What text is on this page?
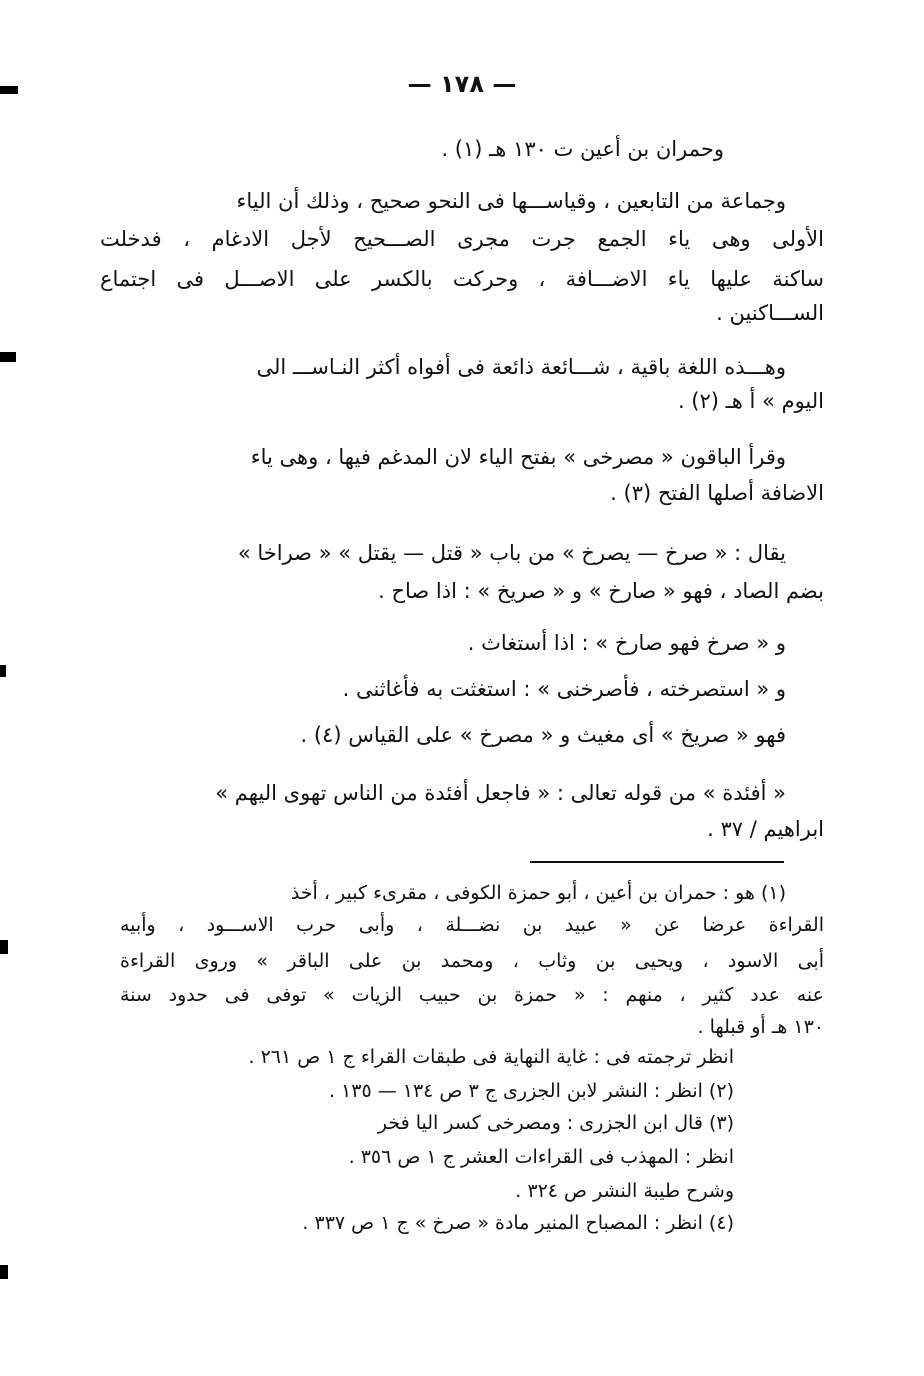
— ١٧٨ —
وحمران بن أعين ت ١٣٠ هـ (١) .
وجماعة من التابعين ، وقياســـها فى النحو صحيح ، وذلك أن الياء
الأولى وهى ياء الجمع جرت مجرى الصـــحيح لأجل الادغام ، فدخلت
ساكنة عليها ياء الاضـــافة ، وحركت بالكسر على الاصـــل فى اجتماع
الســـاكنين .
وهـــذه اللغة باقية ، شـــائعة ذائعة فى أفواه أكثر النـاســـ الى
اليوم » أ هـ (٢) .
وقرأ الباقون « مصرخى » بفتح الياء لان المدغم فيها ، وهى ياء
الاضافة أصلها الفتح (٣) .
يقال : « صرخ — يصرخ » من باب « قتل — يقتل » « صراخا »
بضم الصاد ، فهو « صارخ » و « صريخ » : اذا صاح .
و « صرخ فهو صارخ » : اذا أستغاث .
و « استصرخته ، فأصرخنى » : استغثت به فأغاثنى .
فهو « صريخ » أى مغيث و « مصرخ » على القياس (٤) .
« أفئدة » من قوله تعالى : « فاجعل أفئدة من الناس تهوى اليهم »
ابراهيم / ٣٧ .
(١) هو : حمران بن أعين ، أبو حمزة الكوفى ، مقرىء كبير ، أخذ
القراءة عرضا عن « عبيد بن نضـــلة ، وأبى حرب الاســـود ، وأبيه
أبى الاسود ، ويحيى بن وثاب ، ومحمد بن على الباقر » وروى القراءة
عنه عدد كثير ، منهم : « حمزة بن حبيب الزيات » توفى فى حدود سنة
١٣٠ هـ أو قبلها .
انظر ترجمته فى : غاية النهاية فى طبقات القراء ج ١ ص ٢٦١ .
(٢) انظر : النشر لابن الجزرى ج ٣ ص ١٣٤ — ١٣٥ .
(٣) قال ابن الجزرى : ومصرخى كسر اليا فخر
انظر : المهذب فى القراءات العشر ج ١ ص ٣٥٦ .
وشرح طيبة النشر ص ٣٢٤ .
(٤) انظر : المصباح المنير مادة « صرخ » ج ١ ص ٣٣٧ .
